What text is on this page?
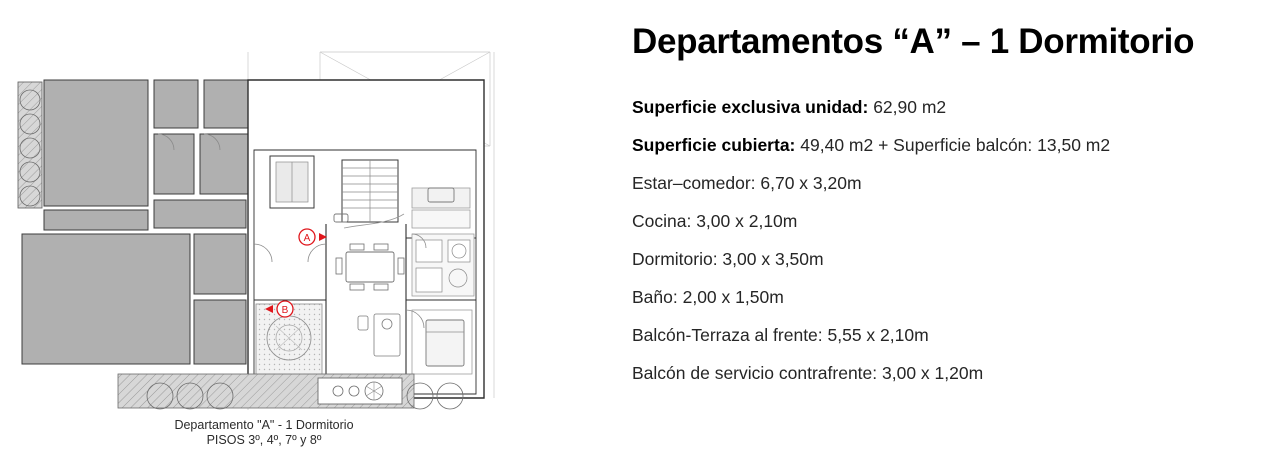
A
B
Departamento "A" - 1 Dormitorio
PISOS 3º, 4º, 7º y 8º
Departamentos “A” – 1 Dormitorio
Superficie exclusiva unidad: 62,90 m2
Superficie cubierta: 49,40 m2 + Superficie balcón: 13,50 m2
Estar–comedor: 6,70 x 3,20m
Cocina: 3,00 x 2,10m
Dormitorio: 3,00 x 3,50m
Baño: 2,00 x 1,50m
Balcón-Terraza al frente: 5,55 x 2,10m
Balcón de servicio contrafrente: 3,00 x 1,20m
